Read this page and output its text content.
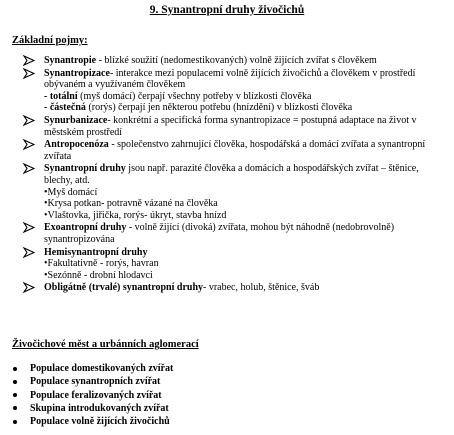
9. Synantropní druhy živočichů
Základní pojmy:
Synantropie - blízké soužití (nedomestikovaných) volně žijících zvířat s člověkem
Synantropizace- interakce mezi populacemi volně žijících živočichů a člověkem v prostředí obývaném a využívaném člověkem
- totální (myš domácí) čerpají všechny potřeby v blízkosti člověka
- částečná (rorýs) čerpají jen některou potřebu (hnízdění) v blízkosti člověka
Synurbanizace- konkrétní a specifická forma synantropizace = postupná adaptace na život v městském prostředí
Antropocenóza - společenstvo zahrnující člověka, hospodářská a domácí zvířata a synantropní zvířata
Synantropní druhy jsou např. parazité člověka a domácích a hospodářských zvířat – štěnice, blechy, atd.
•Myš domácí
•Krysa potkan- potravně vázané na člověka
•Vlaštovka, jiřička, rorýs- úkryt, stavba hnízd
Exoantropní druhy - volně žijící (divoká) zvířata, mohou být náhodně (nedobrovolně) synantropizována
Hemisynantropní druhy
•Fakultativně - rorýs, havran
•Sezónně - drobní hlodavci
Obligátně (trvalé) synantropní druhy- vrabec, holub, štěnice, šváb
Živočichové měst a urbánních aglomerací
Populace domestikovaných zvířat
Populace synantropních zvířat
Populace feralizovaných zvířat
Skupina introdukovaných zvířat
Populace volně žijících živočichů
